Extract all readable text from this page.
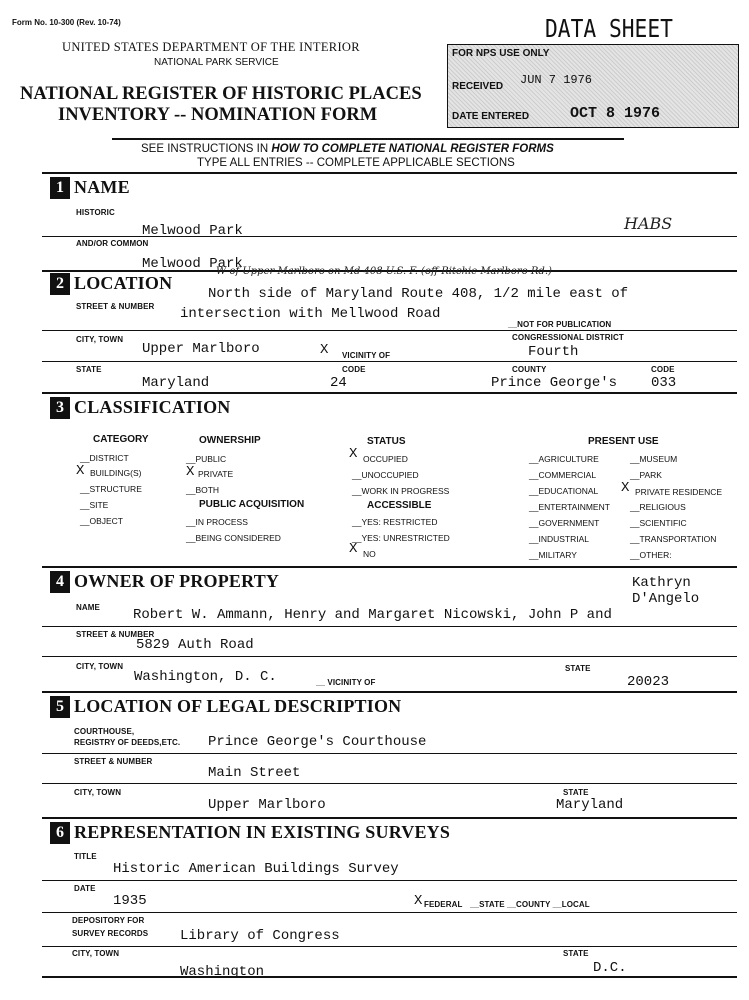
Form No. 10-300 (Rev. 10-74)
UNITED STATES DEPARTMENT OF THE INTERIOR
NATIONAL PARK SERVICE
NATIONAL REGISTER OF HISTORIC PLACES
INVENTORY -- NOMINATION FORM
DATA SHEET
FOR NPS USE ONLY
RECEIVED JUN 7 1976
DATE ENTERED	OCT 8 1976
SEE INSTRUCTIONS IN HOW TO COMPLETE NATIONAL REGISTER FORMS
TYPE ALL ENTRIES -- COMPLETE APPLICABLE SECTIONS
1 NAME
HISTORIC
Melwood Park	HABS
AND/OR COMMON
Melwood Park
2 LOCATION
W of Upper Marlboro on Md 408 U.S. F. (off Ritchie Marlboro Rd.)
North side of Maryland Route 408, 1/2 mile east of
STREET & NUMBER intersection with Mellwood Road
__NOT FOR PUBLICATION
CITY, TOWN
Upper Marlboro	X VICINITY OF
CONGRESSIONAL DISTRICT
Fourth
STATE
Maryland
CODE
24
COUNTY
Prince George's
CODE
033
3 CLASSIFICATION
CATEGORY	OWNERSHIP	STATUS	PRESENT USE
__DISTRICT
X BUILDING(S)
__STRUCTURE
__SITE
__OBJECT
__PUBLIC
X PRIVATE
__BOTH
PUBLIC ACQUISITION
__IN PROCESS
__BEING CONSIDERED
X OCCUPIED
__UNOCCUPIED
__WORK IN PROGRESS
ACCESSIBLE
__YES: RESTRICTED
__YES: UNRESTRICTED
X NO
__AGRICULTURE
__COMMERCIAL
__EDUCATIONAL
__ENTERTAINMENT
__GOVERNMENT
__INDUSTRIAL
__MILITARY
__MUSEUM
__PARK
X PRIVATE RESIDENCE
__RELIGIOUS
__SCIENTIFIC
__TRANSPORTATION
__OTHER:
4 OWNER OF PROPERTY	Kathryn
D'Angelo
NAME Robert W. Ammann, Henry and Margaret Nicowski, John P and
STREET & NUMBER
5829 Auth Road
CITY, TOWN
Washington, D. C.	__ VICINITY OF
STATE
20023
5 LOCATION OF LEGAL DESCRIPTION
COURTHOUSE,
REGISTRY OF DEEDS,ETC. Prince George's Courthouse
STREET & NUMBER
Main Street
CITY, TOWN
Upper Marlboro
STATE
Maryland
6 REPRESENTATION IN EXISTING SURVEYS
TITLE
Historic American Buildings Survey
DATE
1935	X FEDERAL __STATE __COUNTY __LOCAL
DEPOSITORY FOR
SURVEY RECORDS Library of Congress
CITY, TOWN
Washington
STATE
D.C.
